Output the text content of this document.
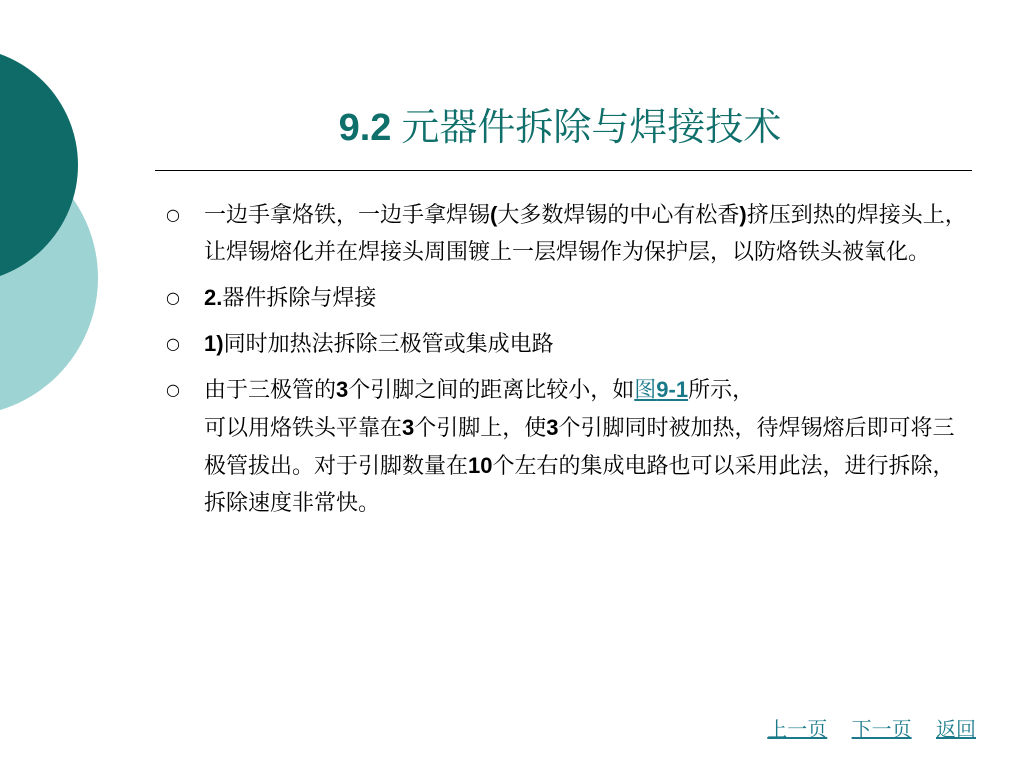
9.2 元器件拆除与焊接技术
○ 一边手拿烙铁，一边手拿焊锡(大多数焊锡的中心有松香)挤压到热的焊接头上，让焊锡熔化并在焊接头周围镀上一层焊锡作为保护层，以防烙铁头被氧化。
○ 2.器件拆除与焊接
○ 1)同时加热法拆除三极管或集成电路
○ 由于三极管的3个引脚之间的距离比较小，如图9-1所示，
可以用烙铁头平靠在3个引脚上，使3个引脚同时被加热，待焊锡熔后即可将三极管拔出。对于引脚数量在10个左右的集成电路也可以采用此法，进行拆除，拆除速度非常快。
上一页 下一页 返回
